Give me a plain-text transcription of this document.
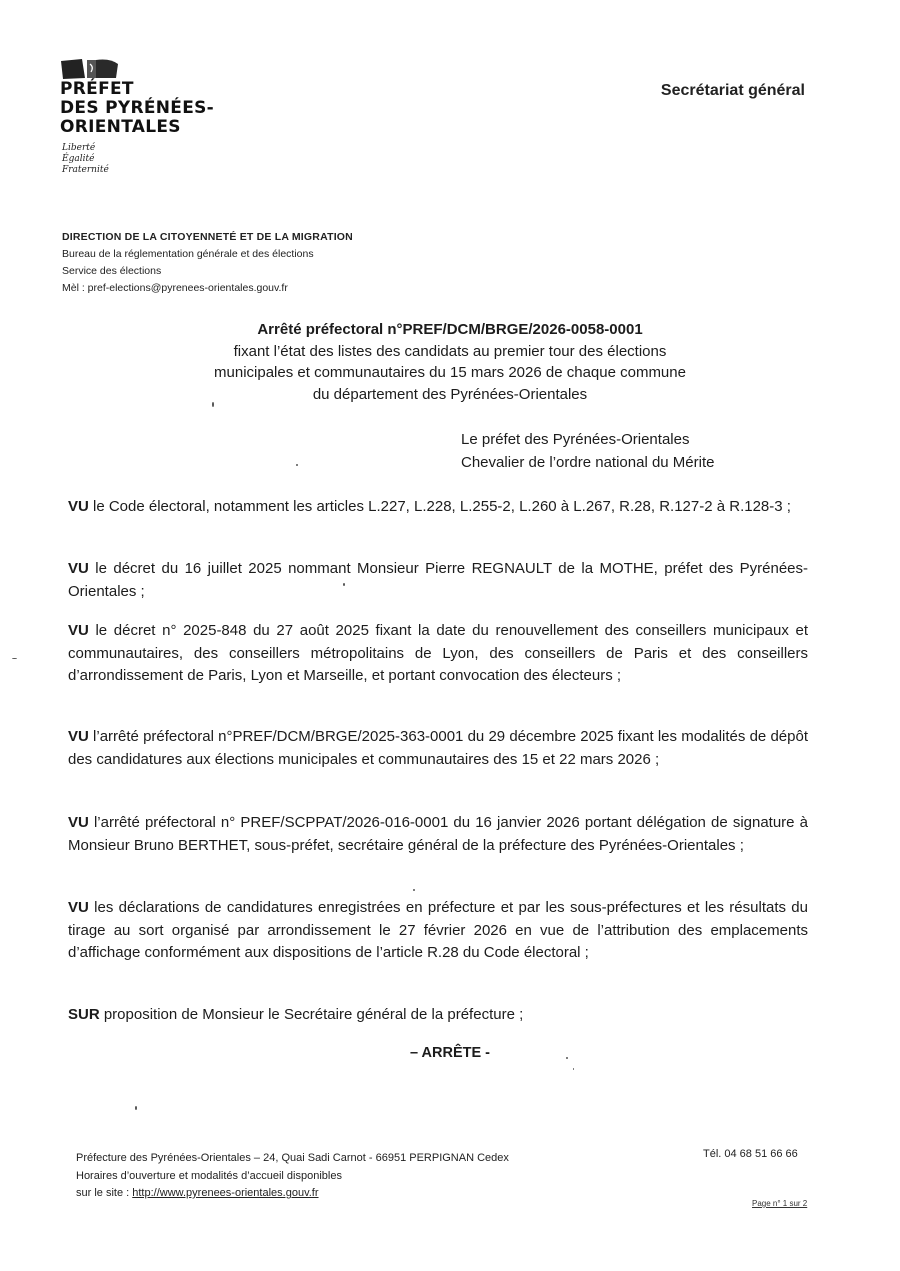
PRÉFET
DES PYRÉNÉES-
ORIENTALES
Liberté
Égalité
Fraternité
Secrétariat général
DIRECTION DE LA CITOYENNETÉ ET DE LA MIGRATION
Bureau de la réglementation générale et des élections
Service des élections
Mèl : pref-elections@pyrenees-orientales.gouv.fr
Arrêté préfectoral n°PREF/DCM/BRGE/2026-0058-0001
fixant l’état des listes des candidats au premier tour des élections
municipales et communautaires du 15 mars 2026 de chaque commune
du département des Pyrénées-Orientales
Le préfet des Pyrénées-Orientales
Chevalier de l’ordre national du Mérite
VU le Code électoral, notamment les articles L.227, L.228, L.255-2, L.260 à L.267, R.28, R.127-2 à R.128-3 ;
VU le décret du 16 juillet 2025 nommant Monsieur Pierre REGNAULT de la MOTHE, préfet des Pyrénées-Orientales ;
VU le décret n° 2025-848 du 27 août 2025 fixant la date du renouvellement des conseillers municipaux et communautaires, des conseillers métropolitains de Lyon, des conseillers de Paris et des conseillers d’arrondissement de Paris, Lyon et Marseille, et portant convocation des électeurs ;
VU l’arrêté préfectoral n°PREF/DCM/BRGE/2025-363-0001 du 29 décembre 2025 fixant les modalités de dépôt des candidatures aux élections municipales et communautaires des 15 et 22 mars 2026 ;
VU l’arrêté préfectoral n° PREF/SCPPAT/2026-016-0001 du 16 janvier 2026 portant délégation de signature à Monsieur Bruno BERTHET, sous-préfet, secrétaire général de la préfecture des Pyrénées-Orientales ;
VU les déclarations de candidatures enregistrées en préfecture et par les sous-préfectures et les résultats du tirage au sort organisé par arrondissement le 27 février 2026 en vue de l’attribution des emplacements d’affichage conformément aux dispositions de l’article R.28 du Code électoral ;
SUR proposition de Monsieur le Secrétaire général de la préfecture ;
– ARRÊTE -
Préfecture des Pyrénées-Orientales – 24, Quai Sadi Carnot - 66951 PERPIGNAN Cedex
Horaires d’ouverture et modalités d’accueil disponibles
sur le site : http://www.pyrenees-orientales.gouv.fr
Tél. 04 68 51 66 66
Page n° 1 sur 2
